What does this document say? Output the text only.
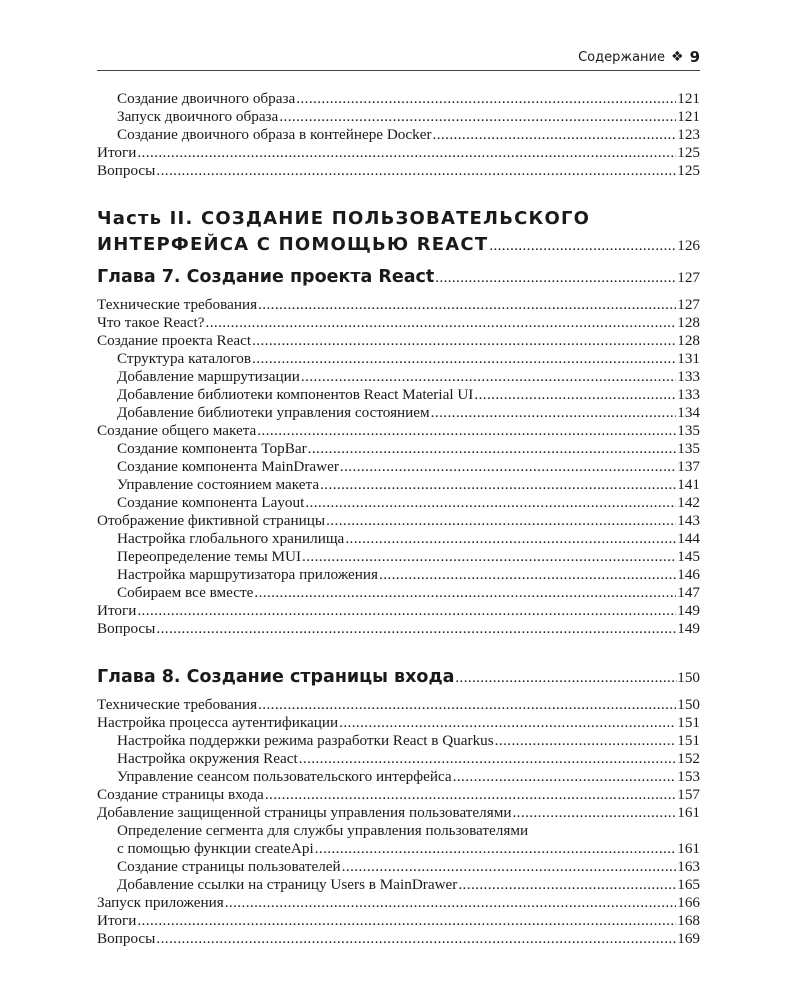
Содержание ❖ 9
Создание двоичного образа .....	121
Запуск двоичного образа .....	121
Создание двоичного образа в контейнере Docker .....	123
Итоги .....	125
Вопросы .....	125
Часть II. СОЗДАНИЕ ПОЛЬЗОВАТЕЛЬСКОГО
ИНТЕРФЕЙСА С ПОМОЩЬЮ REACT .....	126
Глава 7. Создание проекта React .....	127
Технические требования .....	127
Что такое React? .....	128
Создание проекта React .....	128
Структура каталогов .....	131
Добавление маршрутизации .....	133
Добавление библиотеки компонентов React Material UI .....	133
Добавление библиотеки управления состоянием .....	134
Создание общего макета .....	135
Создание компонента TopBar .....	135
Создание компонента MainDrawer .....	137
Управление состоянием макета .....	141
Создание компонента Layout .....	142
Отображение фиктивной страницы .....	143
Настройка глобального хранилища .....	144
Переопределение темы MUI .....	145
Настройка маршрутизатора приложения .....	146
Собираем все вместе .....	147
Итоги .....	149
Вопросы .....	149
Глава 8. Создание страницы входа .....	150
Технические требования .....	150
Настройка процесса аутентификации .....	151
Настройка поддержки режима разработки React в Quarkus .....	151
Настройка окружения React .....	152
Управление сеансом пользовательского интерфейса .....	153
Создание страницы входа .....	157
Добавление защищенной страницы управления пользователями .....	161
Определение сегмента для службы управления пользователями
с помощью функции createApi .....	161
Создание страницы пользователей .....	163
Добавление ссылки на страницу Users в MainDrawer .....	165
Запуск приложения .....	166
Итоги .....	168
Вопросы .....	169
